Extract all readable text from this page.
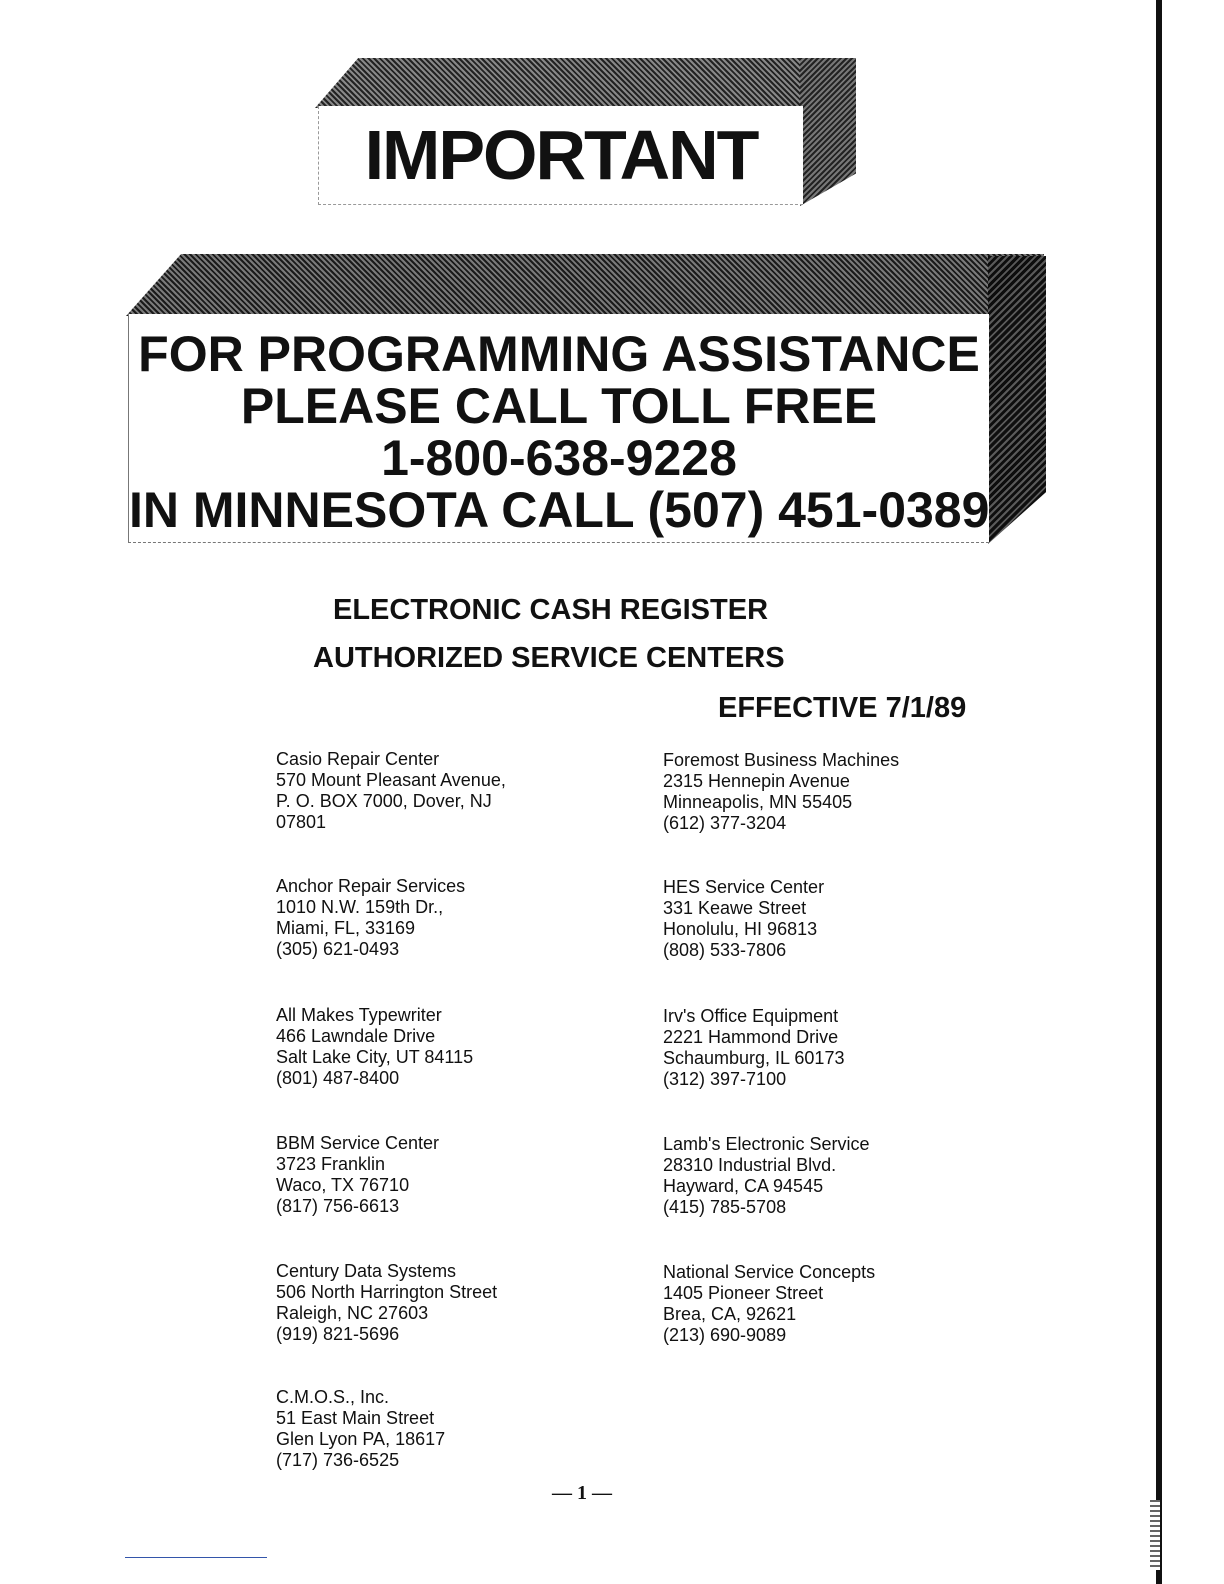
IMPORTANT
FOR PROGRAMMING ASSISTANCE
PLEASE CALL TOLL FREE
1-800-638-9228
IN MINNESOTA CALL (507) 451-0389
ELECTRONIC CASH REGISTER
AUTHORIZED SERVICE CENTERS
EFFECTIVE 7/1/89
Casio Repair Center
570 Mount Pleasant Avenue,
P. O. BOX 7000, Dover, NJ
07801
Anchor Repair Services
1010 N.W. 159th Dr.,
Miami, FL, 33169
(305) 621-0493
All Makes Typewriter
466 Lawndale Drive
Salt Lake City, UT 84115
(801) 487-8400
BBM Service Center
3723 Franklin
Waco, TX 76710
(817) 756-6613
Century Data Systems
506 North Harrington Street
Raleigh, NC 27603
(919) 821-5696
C.M.O.S., Inc.
51 East Main Street
Glen Lyon PA, 18617
(717) 736-6525
Foremost Business Machines
2315 Hennepin Avenue
Minneapolis, MN 55405
(612) 377-3204
HES Service Center
331 Keawe Street
Honolulu, HI 96813
(808) 533-7806
Irv's Office Equipment
2221 Hammond Drive
Schaumburg, IL 60173
(312) 397-7100
Lamb's Electronic Service
28310 Industrial Blvd.
Hayward, CA 94545
(415) 785-5708
National Service Concepts
1405 Pioneer Street
Brea, CA, 92621
(213) 690-9089
— 1 —
